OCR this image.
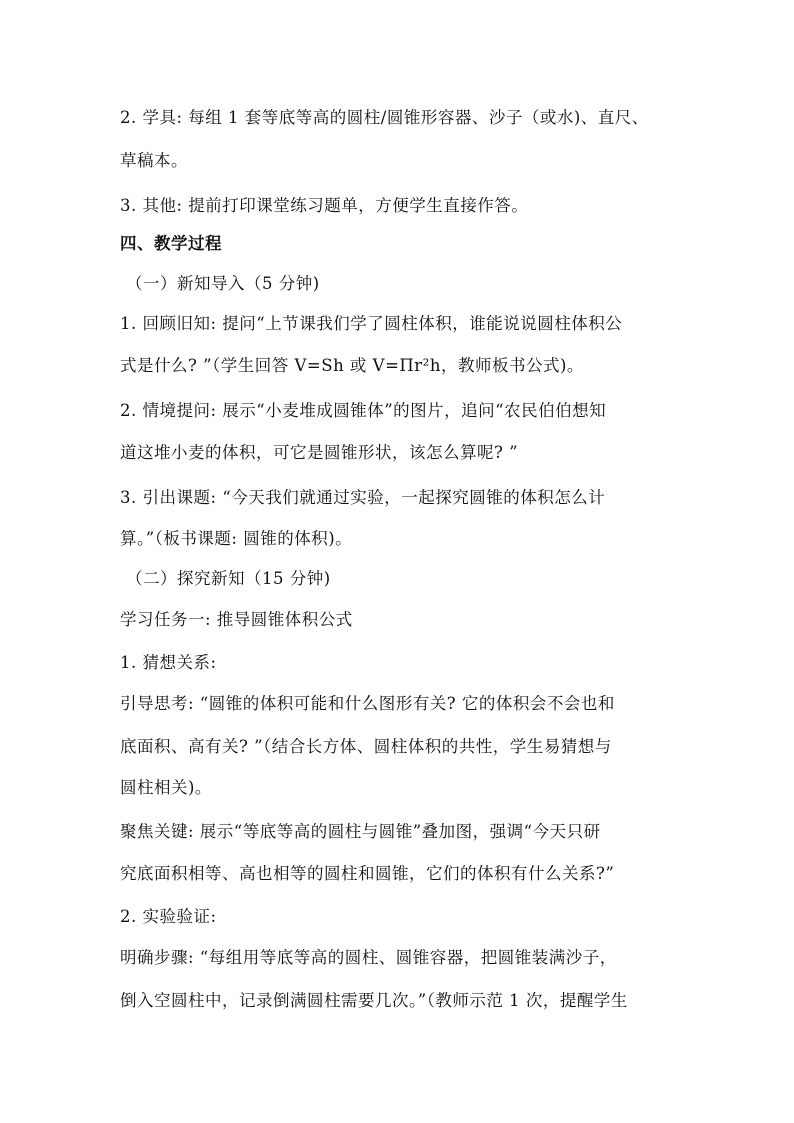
2. 学具: 每组 1 套等底等高的圆柱/圆锥形容器、沙子（或水)、直尺、
草稿本。
3. 其他: 提前打印课堂练习题单，方便学生直接作答。
四、教学过程
（一）新知导入（5 分钟)
1. 回顾旧知: 提问“上节课我们学了圆柱体积，谁能说说圆柱体积公
式是什么? ”（学生回答 V=Sh 或 V=Πr²h，教师板书公式)。
2. 情境提问: 展示“小麦堆成圆锥体”的图片，追问“农民伯伯想知
道这堆小麦的体积，可它是圆锥形状，该怎么算呢? ”
3. 引出课题: “今天我们就通过实验，一起探究圆锥的体积怎么计
算。”（板书课题: 圆锥的体积)。
（二）探究新知（15 分钟)
学习任务一: 推导圆锥体积公式
1. 猜想关系:
引导思考: “圆锥的体积可能和什么图形有关? 它的体积会不会也和
底面积、高有关? ”（结合长方体、圆柱体积的共性，学生易猜想与
圆柱相关)。
聚焦关键: 展示“等底等高的圆柱与圆锥”叠加图，强调“今天只研
究底面积相等、高也相等的圆柱和圆锥，它们的体积有什么关系?”
2. 实验验证:
明确步骤: “每组用等底等高的圆柱、圆锥容器，把圆锥装满沙子，
倒入空圆柱中，记录倒满圆柱需要几次。”（教师示范 1 次，提醒学生
